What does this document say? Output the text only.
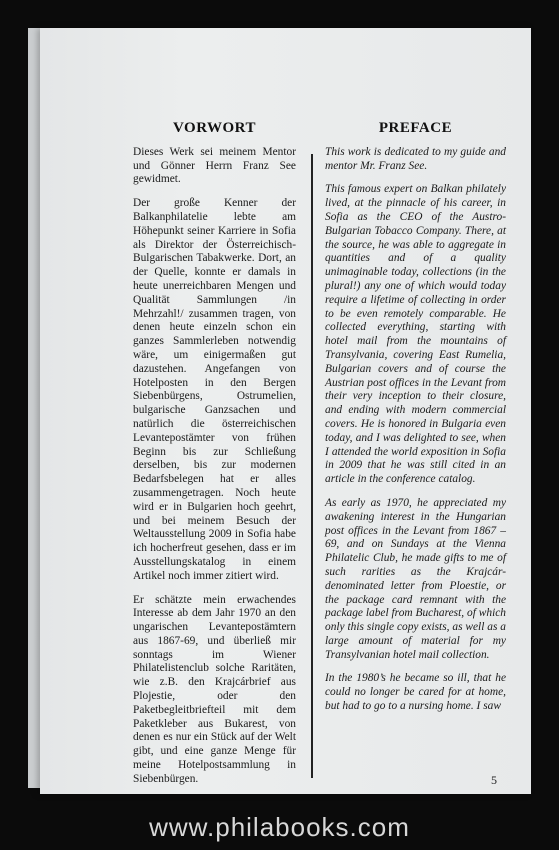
VORWORT

Dieses Werk sei meinem Mentor und Gönner Herrn Franz See gewidmet.

Der große Kenner der Balkanphilatelie lebte am Höhepunkt seiner Karriere in Sofia als Direktor der Österreichisch-Bulgarischen Tabakwerke. Dort, an der Quelle, konnte er damals in heute unerreichbaren Mengen und Qualität Sammlungen /in Mehrzahl!/ zusammen tragen, von denen heute einzeln schon ein ganzes Sammlerleben notwendig wäre, um einigermaßen gut dazustehen. Angefangen von Hotelposten in den Bergen Siebenbürgens, Ostrumelien, bulgarische Ganzsachen und natürlich die österreichischen Levantepostämter von frühen Beginn bis zur Schließung derselben, bis zur modernen Bedarfsbelegen hat er alles zusammengetragen. Noch heute wird er in Bulgarien hoch geehrt, und bei meinem Besuch der Weltausstellung 2009 in Sofia habe ich hocherfreut gesehen, dass er im Ausstellungskatalog in einem Artikel noch immer zitiert wird.

Er schätzte mein erwachendes Interesse ab dem Jahr 1970 an den ungarischen Levantepostämtern aus 1867-69, und überließ mir sonntags im Wiener Philatelistenclub solche Raritäten, wie z.B. den Krajcárbrief aus Plojestie, oder den Paketbegleitbriefteil mit dem Paketkleber aus Bukarest, von denen es nur ein Stück auf der Welt gibt, und eine ganze Menge für meine Hotelpostsammlung in Siebenbürgen.

PREFACE

This work is dedicated to my guide and mentor Mr. Franz See.

This famous expert on Balkan philately lived, at the pinnacle of his career, in Sofia as the CEO of the Austro-Bulgarian Tobacco Company. There, at the source, he was able to aggregate in quantities and of a quality unimaginable today, collections (in the plural!) any one of which would today require a lifetime of collecting in order to be even remotely comparable. He collected everything, starting with hotel mail from the mountains of Transylvania, covering East Rumelia, Bulgarian covers and of course the Austrian post offices in the Levant from their very inception to their closure, and ending with modern commercial covers. He is honored in Bulgaria even today, and I was delighted to see, when I attended the world exposition in Sofia in 2009 that he was still cited in an article in the conference catalog.

As early as 1970, he appreciated my awakening interest in the Hungarian post offices in the Levant from 1867 – 69, and on Sundays at the Vienna Philatelic Club, he made gifts to me of such rarities as the Krajcár-denominated letter from Ploestie, or the package card remnant with the package label from Bucharest, of which only this single copy exists, as well as a large amount of material for my Transylvanian hotel mail collection.

In the 1980’s he became so ill, that he could no longer be cared for at home, but had to go to a nursing home. I saw

5
www.philabooks.com
